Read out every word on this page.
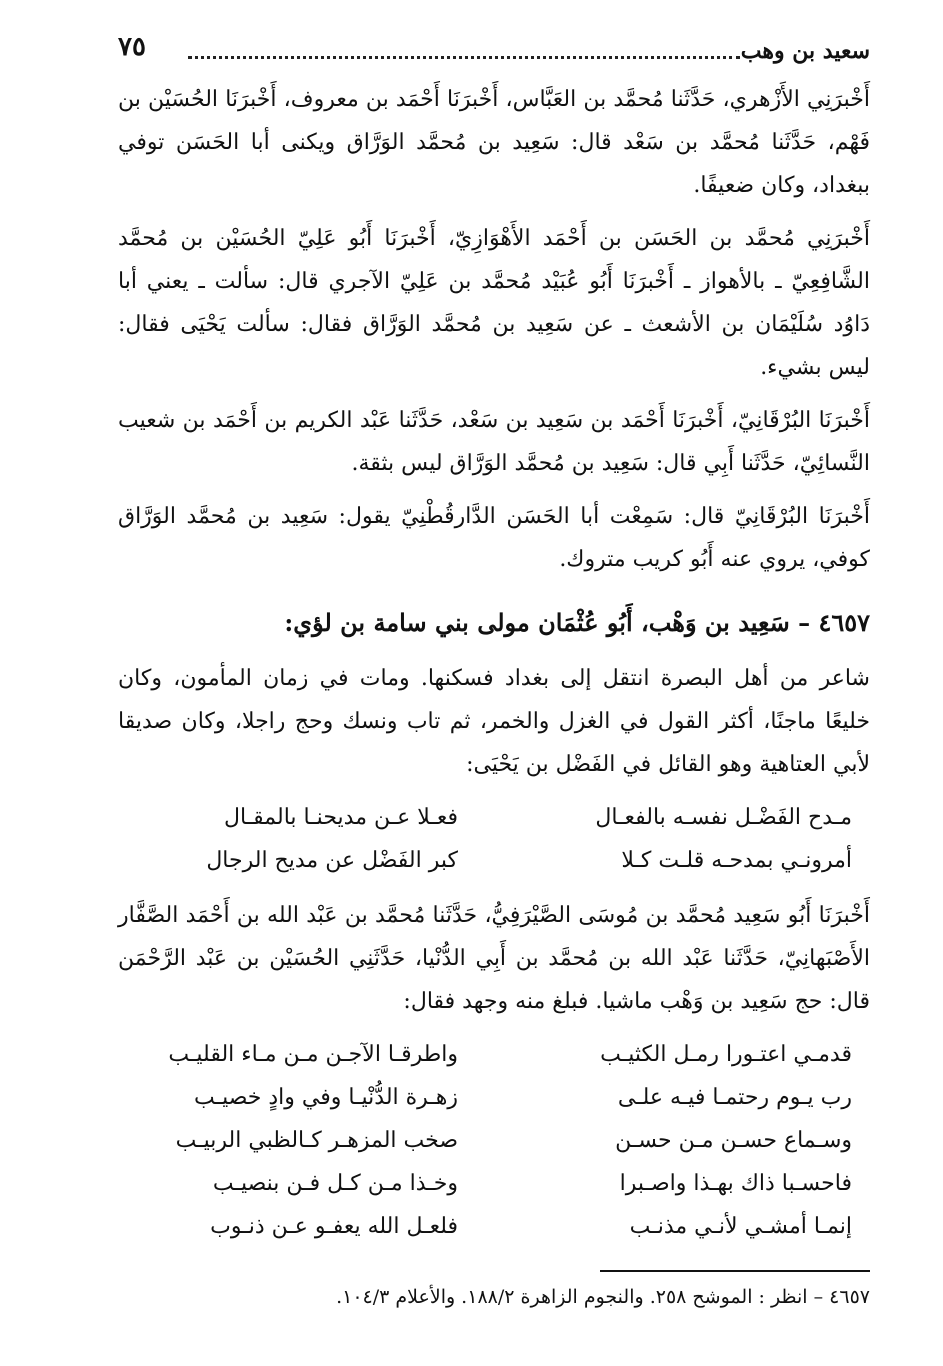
سعيد بن وهب
٧٥

أَخْبرَنِي الأَزْهري، حَدَّثَنا مُحمَّد بن العَبَّاس، أَخْبرَنَا أَحْمَد بن معروف، أَخْبرَنَا الحُسَيْن بن فَهْم، حَدَّثَنا مُحمَّد بن سَعْد قال: سَعِيد بن مُحمَّد الوَرَّاق ويكنى أبا الحَسَن توفي ببغداد، وكان ضعيفًا.

أَخْبرَنِي مُحمَّد بن الحَسَن بن أَحْمَد الأَهْوَازِيّ، أَخْبرَنَا أَبُو عَلِيّ الحُسَيْن بن مُحمَّد الشَّافِعِيّ ـ بالأهواز ـ أَخْبرَنَا أَبُو عُبَيْد مُحمَّد بن عَلِيّ الآجري قال: سألت ـ يعني أبا دَاوُد سُلَيْمَان بن الأشعث ـ عن سَعِيد بن مُحمَّد الوَرَّاق فقال: سألت يَحْيَى فقال: ليس بشيء.

أَخْبرَنَا البُرْقَانِيّ، أَخْبرَنَا أَحْمَد بن سَعِيد بن سَعْد، حَدَّثَنا عَبْد الكريم بن أَحْمَد بن شعيب النَّسائِيّ، حَدَّثَنا أَبِي قال: سَعِيد بن مُحمَّد الوَرَّاق ليس بثقة.

أَخْبرَنَا البُرْقَانِيّ قال: سَمِعْت أبا الحَسَن الدَّارقُطْنِيّ يقول: سَعِيد بن مُحمَّد الوَرَّاق كوفي، يروي عنه أَبُو كريب متروك.

٤٦٥٧ – سَعِيد بن وَهْب، أَبُو عُثْمَان مولى بني سامة بن لؤي:

شاعر من أهل البصرة انتقل إلى بغداد فسكنها. ومات في زمان المأمون، وكان خليعًا ماجنًا، أكثر القول في الغزل والخمر، ثم تاب ونسك وحج راجلا، وكان صديقا لأبي العتاهية وهو القائل في الفَضْل بن يَحْيَى:

مـدح الفَضْـل نفسـه بالفعـال
فعـلا عـن مديحنـا بالمقـال
أمرونـي بمدحـه قلـت كـلا
كبر الفَضْل عن مديح الرجال

أَخْبرَنَا أَبُو سَعِيد مُحمَّد بن مُوسَى الصَّيْرَفِيُّ، حَدَّثَنا مُحمَّد بن عَبْد الله بن أَحْمَد الصَّفَّار الأَصْبَهانِيّ، حَدَّثَنا عَبْد الله بن مُحمَّد بن أَبِي الدُّنْيا، حَدَّثَنِي الحُسَيْن بن عَبْد الرَّحْمَن قال: حج سَعِيد بن وَهْب ماشيا. فبلغ منه وجهد فقال:

قدمـي اعتـورا رمـل الكثيـب
واطرقـا الآجـن مـن مـاء القليـب
رب يـوم رحتمـا فيـه علـى
زهـرة الدُّنْيـا وفي وادٍ خصيـب
وسـماع حسـن مـن حسـن
صخب المزهـر كـالظبي الربيـب
فاحسـبا ذاك بهـذا واصـبرا
وخـذا مـن كـل فـن بنصيـب
إنمـا أمشـي لأنـي مذنـب
فلعـل الله يعفـو عـن ذنـوب
٤٦٥٧ – انظر : الموشح ٢٥٨. والنجوم الزاهرة ١٨٨/٢. والأعلام ١٠٤/٣.
